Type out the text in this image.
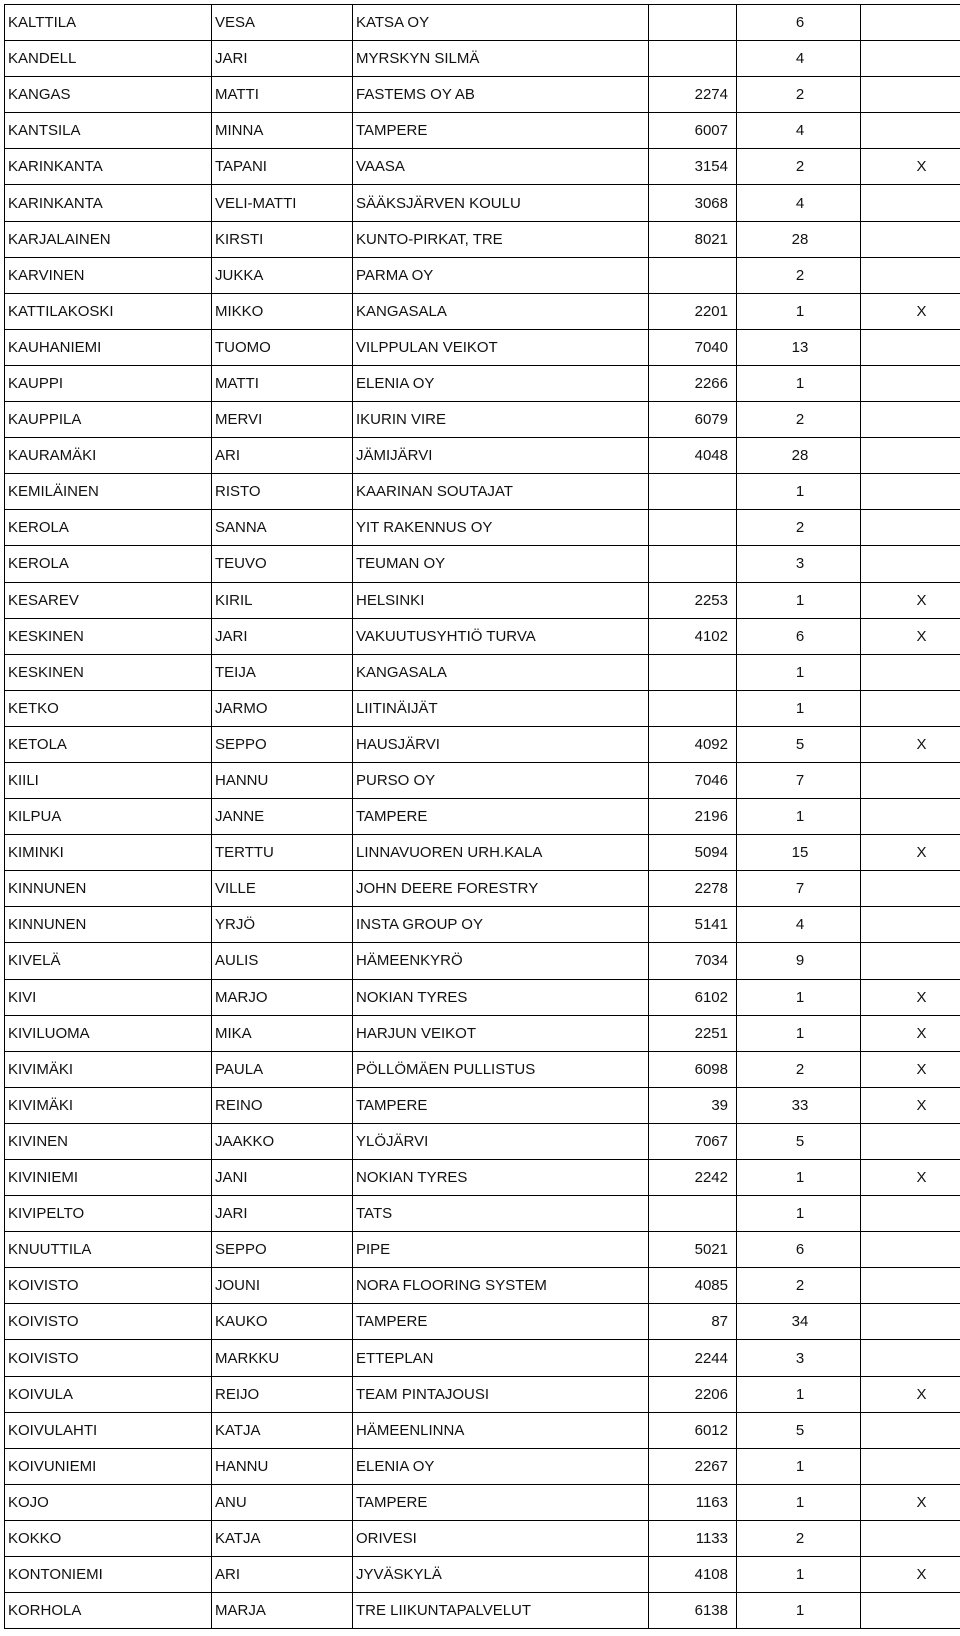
KALTTILA	VESA	KATSA OY		6	
KANDELL	JARI	MYRSKYN SILMÄ		4	
KANGAS	MATTI	FASTEMS OY AB	2274	2	
KANTSILA	MINNA	TAMPERE	6007	4	
KARINKANTA	TAPANI	VAASA	3154	2	X
KARINKANTA	VELI-MATTI	SÄÄKSJÄRVEN KOULU	3068	4	
KARJALAINEN	KIRSTI	KUNTO-PIRKAT, TRE	8021	28	
KARVINEN	JUKKA	PARMA OY		2	
KATTILAKOSKI	MIKKO	KANGASALA	2201	1	X
KAUHANIEMI	TUOMO	VILPPULAN VEIKOT	7040	13	
KAUPPI	MATTI	ELENIA OY	2266	1	
KAUPPILA	MERVI	IKURIN VIRE	6079	2	
KAURAMÄKI	ARI	JÄMIJÄRVI	4048	28	
KEMILÄINEN	RISTO	KAARINAN SOUTAJAT		1	
KEROLA	SANNA	YIT RAKENNUS OY		2	
KEROLA	TEUVO	TEUMAN OY		3	
KESAREV	KIRIL	HELSINKI	2253	1	X
KESKINEN	JARI	VAKUUTUSYHTIÖ TURVA	4102	6	X
KESKINEN	TEIJA	KANGASALA		1	
KETKO	JARMO	LIITINÄIJÄT		1	
KETOLA	SEPPO	HAUSJÄRVI	4092	5	X
KIILI	HANNU	PURSO OY	7046	7	
KILPUA	JANNE	TAMPERE	2196	1	
KIMINKI	TERTTU	LINNAVUOREN URH.KALA	5094	15	X
KINNUNEN	VILLE	JOHN DEERE FORESTRY	2278	7	
KINNUNEN	YRJÖ	INSTA GROUP OY	5141	4	
KIVELÄ	AULIS	HÄMEENKYRÖ	7034	9	
KIVI	MARJO	NOKIAN TYRES	6102	1	X
KIVILUOMA	MIKA	HARJUN VEIKOT	2251	1	X
KIVIMÄKI	PAULA	PÖLLÖMÄEN PULLISTUS	6098	2	X
KIVIMÄKI	REINO	TAMPERE	39	33	X
KIVINEN	JAAKKO	YLÖJÄRVI	7067	5	
KIVINIEMI	JANI	NOKIAN TYRES	2242	1	X
KIVIPELTO	JARI	TATS		1	
KNUUTTILA	SEPPO	PIPE	5021	6	
KOIVISTO	JOUNI	NORA FLOORING SYSTEM	4085	2	
KOIVISTO	KAUKO	TAMPERE	87	34	
KOIVISTO	MARKKU	ETTEPLAN	2244	3	
KOIVULA	REIJO	TEAM PINTAJOUSI	2206	1	X
KOIVULAHTI	KATJA	HÄMEENLINNA	6012	5	
KOIVUNIEMI	HANNU	ELENIA OY	2267	1	
KOJO	ANU	TAMPERE	1163	1	X
KOKKO	KATJA	ORIVESI	1133	2	
KONTONIEMI	ARI	JYVÄSKYLÄ	4108	1	X
KORHOLA	MARJA	TRE LIIKUNTAPALVELUT	6138	1	
